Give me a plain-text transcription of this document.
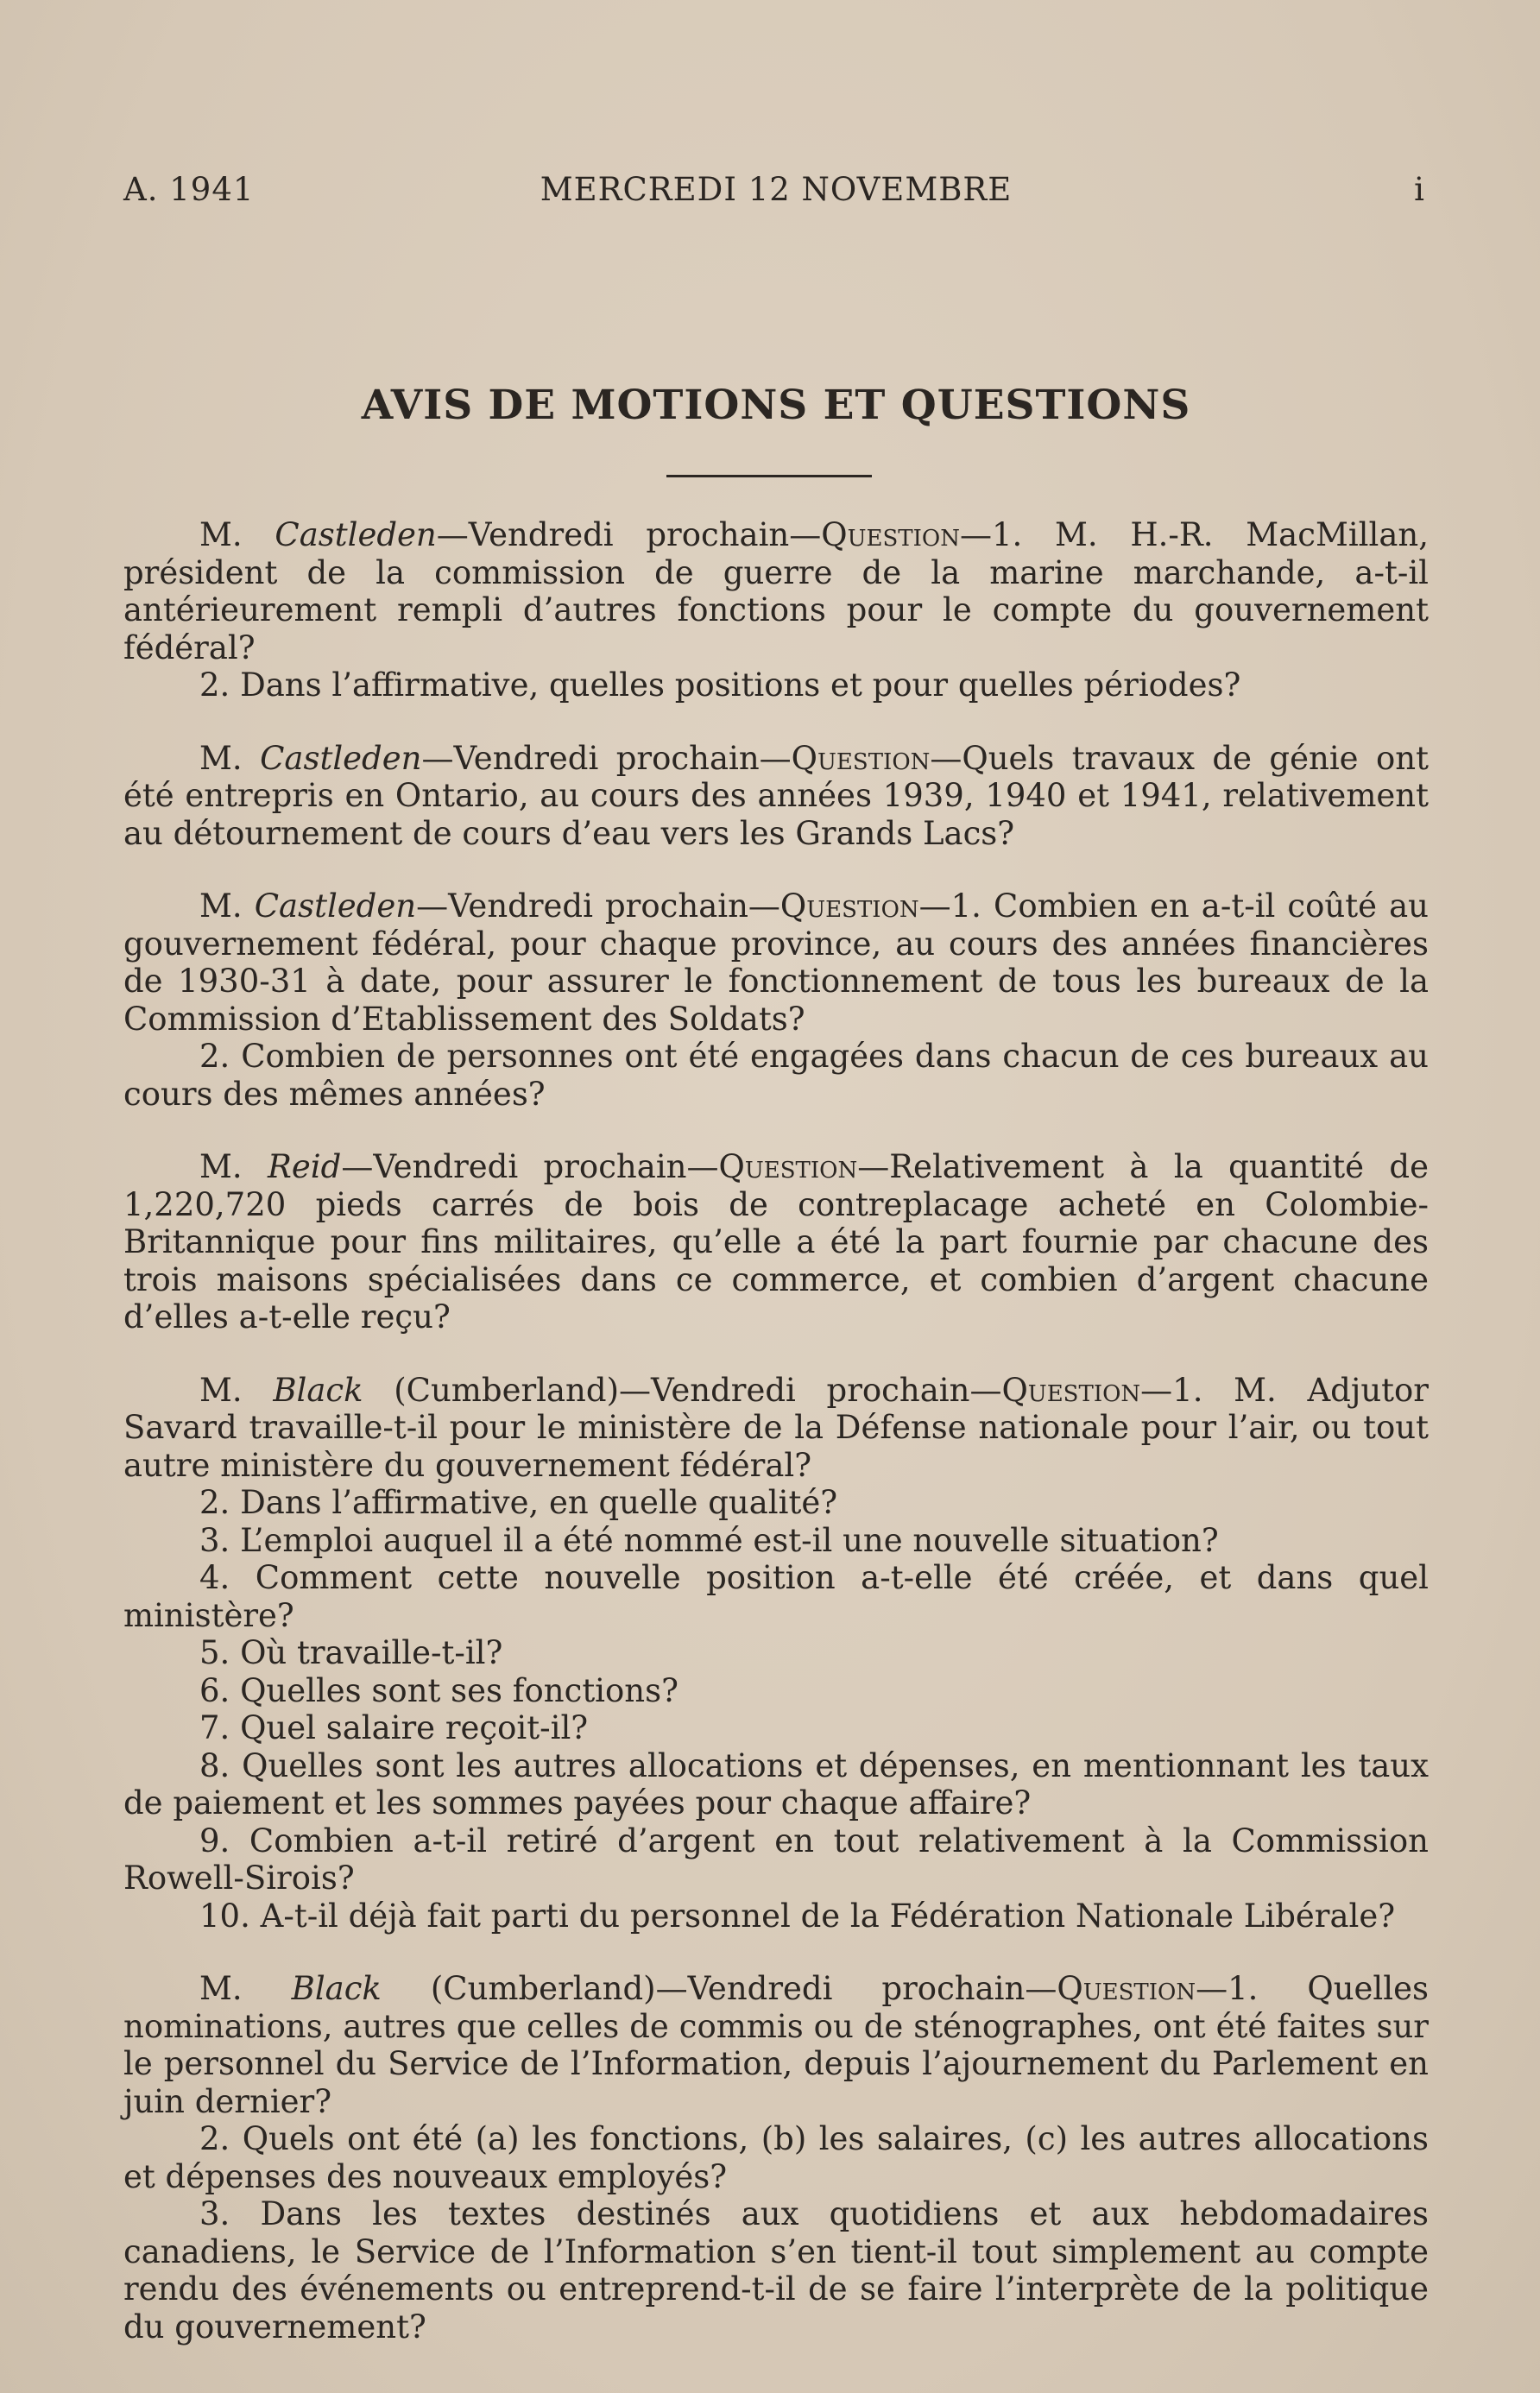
A. 1941	MERCREDI 12 NOVEMBRE	i
AVIS DE MOTIONS ET QUESTIONS

M. Castleden—Vendredi prochain—Question—1. M. H.-R. MacMillan, président de la commission de guerre de la marine marchande, a-t-il antérieurement rempli d’autres fonctions pour le compte du gouvernement fédéral?

2. Dans l’affirmative, quelles positions et pour quelles périodes?

M. Castleden—Vendredi prochain—Question—Quels travaux de génie ont été entrepris en Ontario, au cours des années 1939, 1940 et 1941, relativement au détournement de cours d’eau vers les Grands Lacs?

M. Castleden—Vendredi prochain—Question—1. Combien en a-t-il coûté au gouvernement fédéral, pour chaque province, au cours des années financières de 1930-31 à date, pour assurer le fonctionnement de tous les bureaux de la Commission d’Etablissement des Soldats?

2. Combien de personnes ont été engagées dans chacun de ces bureaux au cours des mêmes années?

M. Reid—Vendredi prochain—Question—Relativement à la quantité de 1,220,720 pieds carrés de bois de contreplacage acheté en Colombie-Britannique pour fins militaires, qu’elle a été la part fournie par chacune des trois maisons spécialisées dans ce commerce, et combien d’argent chacune d’elles a-t-elle reçu?

M. Black (Cumberland)—Vendredi prochain—Question—1. M. Adjutor Savard travaille-t-il pour le ministère de la Défense nationale pour l’air, ou tout autre ministère du gouvernement fédéral?

2. Dans l’affirmative, en quelle qualité?

3. L’emploi auquel il a été nommé est-il une nouvelle situation?

4. Comment cette nouvelle position a-t-elle été créée, et dans quel ministère?

5. Où travaille-t-il?

6. Quelles sont ses fonctions?

7. Quel salaire reçoit-il?

8. Quelles sont les autres allocations et dépenses, en mentionnant les taux de paiement et les sommes payées pour chaque affaire?

9. Combien a-t-il retiré d’argent en tout relativement à la Commission Rowell-Sirois?

10. A-t-il déjà fait parti du personnel de la Fédération Nationale Libérale?

M. Black (Cumberland)—Vendredi prochain—Question—1. Quelles nominations, autres que celles de commis ou de sténographes, ont été faites sur le personnel du Service de l’Information, depuis l’ajournement du Parlement en juin dernier?

2. Quels ont été (a) les fonctions, (b) les salaires, (c) les autres allocations et dépenses des nouveaux employés?

3. Dans les textes destinés aux quotidiens et aux hebdomadaires canadiens, le Service de l’Information s’en tient-il tout simplement au compte rendu des événements ou entreprend-t-il de se faire l’interprète de la politique du gouvernement?
